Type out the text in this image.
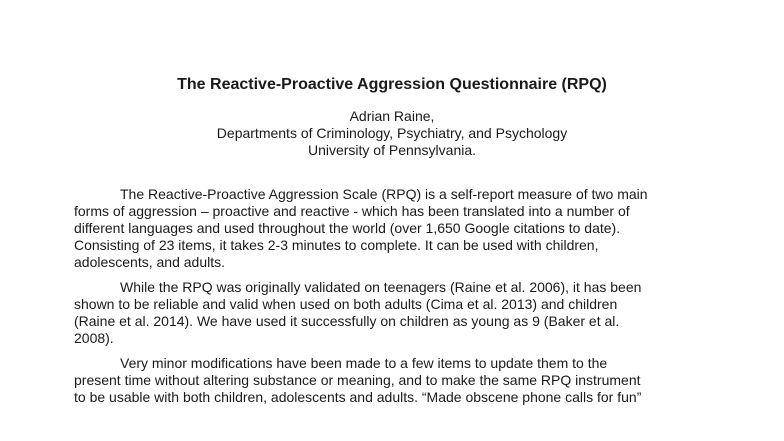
The Reactive-Proactive Aggression Questionnaire (RPQ)
Adrian Raine,
Departments of Criminology, Psychiatry, and Psychology
University of Pennsylvania.
The Reactive-Proactive Aggression Scale (RPQ) is a self-report measure of two main
forms of aggression – proactive and reactive - which has been translated into a number of
different languages and used throughout the world (over 1,650 Google citations to date).
Consisting of 23 items, it takes 2-3 minutes to complete. It can be used with children,
adolescents, and adults.
While the RPQ was originally validated on teenagers (Raine et al. 2006), it has been
shown to be reliable and valid when used on both adults (Cima et al. 2013) and children
(Raine et al. 2014). We have used it successfully on children as young as 9 (Baker et al.
2008).
Very minor modifications have been made to a few items to update them to the
present time without altering substance or meaning, and to make the same RPQ instrument
to be usable with both children, adolescents and adults. “Made obscene phone calls for fun”
